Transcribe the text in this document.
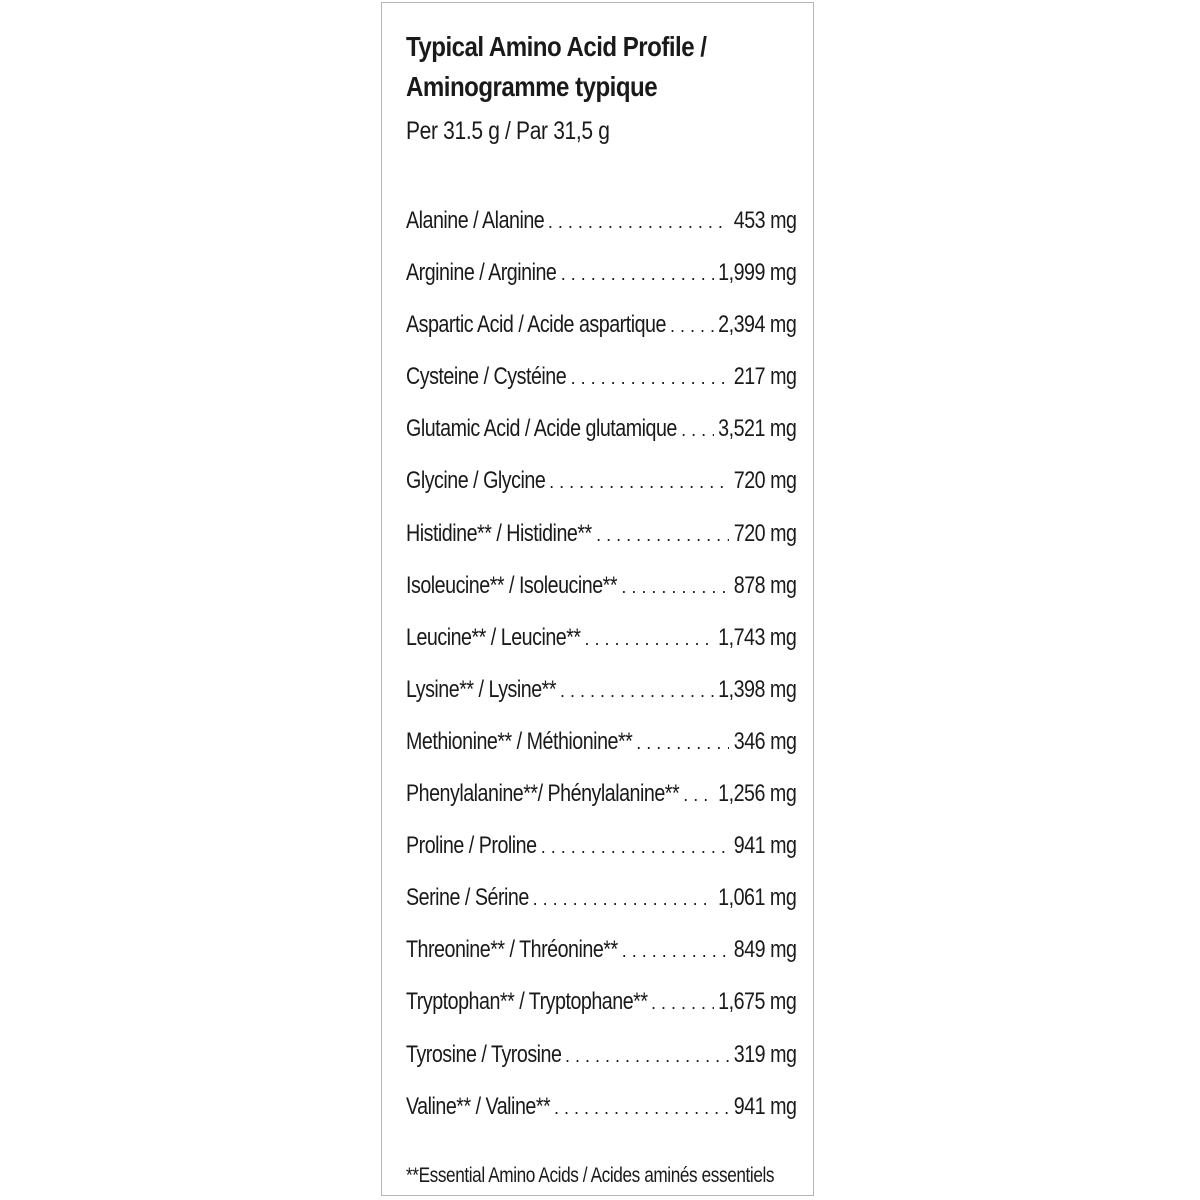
Typical Amino Acid Profile /
Aminogramme typique
Per 31.5 g / Par 31,5 g
Alanine / Alanine . . .	453 mg
Arginine / Arginine . . .	1,999 mg
Aspartic Acid / Acide aspartique . . . 2,394 mg
Cysteine / Cystéine . . .	217 mg
Glutamic Acid / Acide glutamique . . . 3,521 mg
Glycine / Glycine . . .	720 mg
Histidine** / Histidine** . . .	720 mg
Isoleucine** / Isoleucine** . . .	878 mg
Leucine** / Leucine** . . .	1,743 mg
Lysine** / Lysine** . . .	1,398 mg
Methionine** / Méthionine** . . .	346 mg
Phenylalanine**/ Phénylalanine** . . . 1,256 mg
Proline / Proline . . .	941 mg
Serine / Sérine . . .	1,061 mg
Threonine** / Thréonine** . . .	849 mg
Tryptophan** / Tryptophane** . . .	1,675 mg
Tyrosine / Tyrosine . . .	319 mg
Valine** / Valine** . . .	941 mg
**Essential Amino Acids / Acides aminés essentiels
